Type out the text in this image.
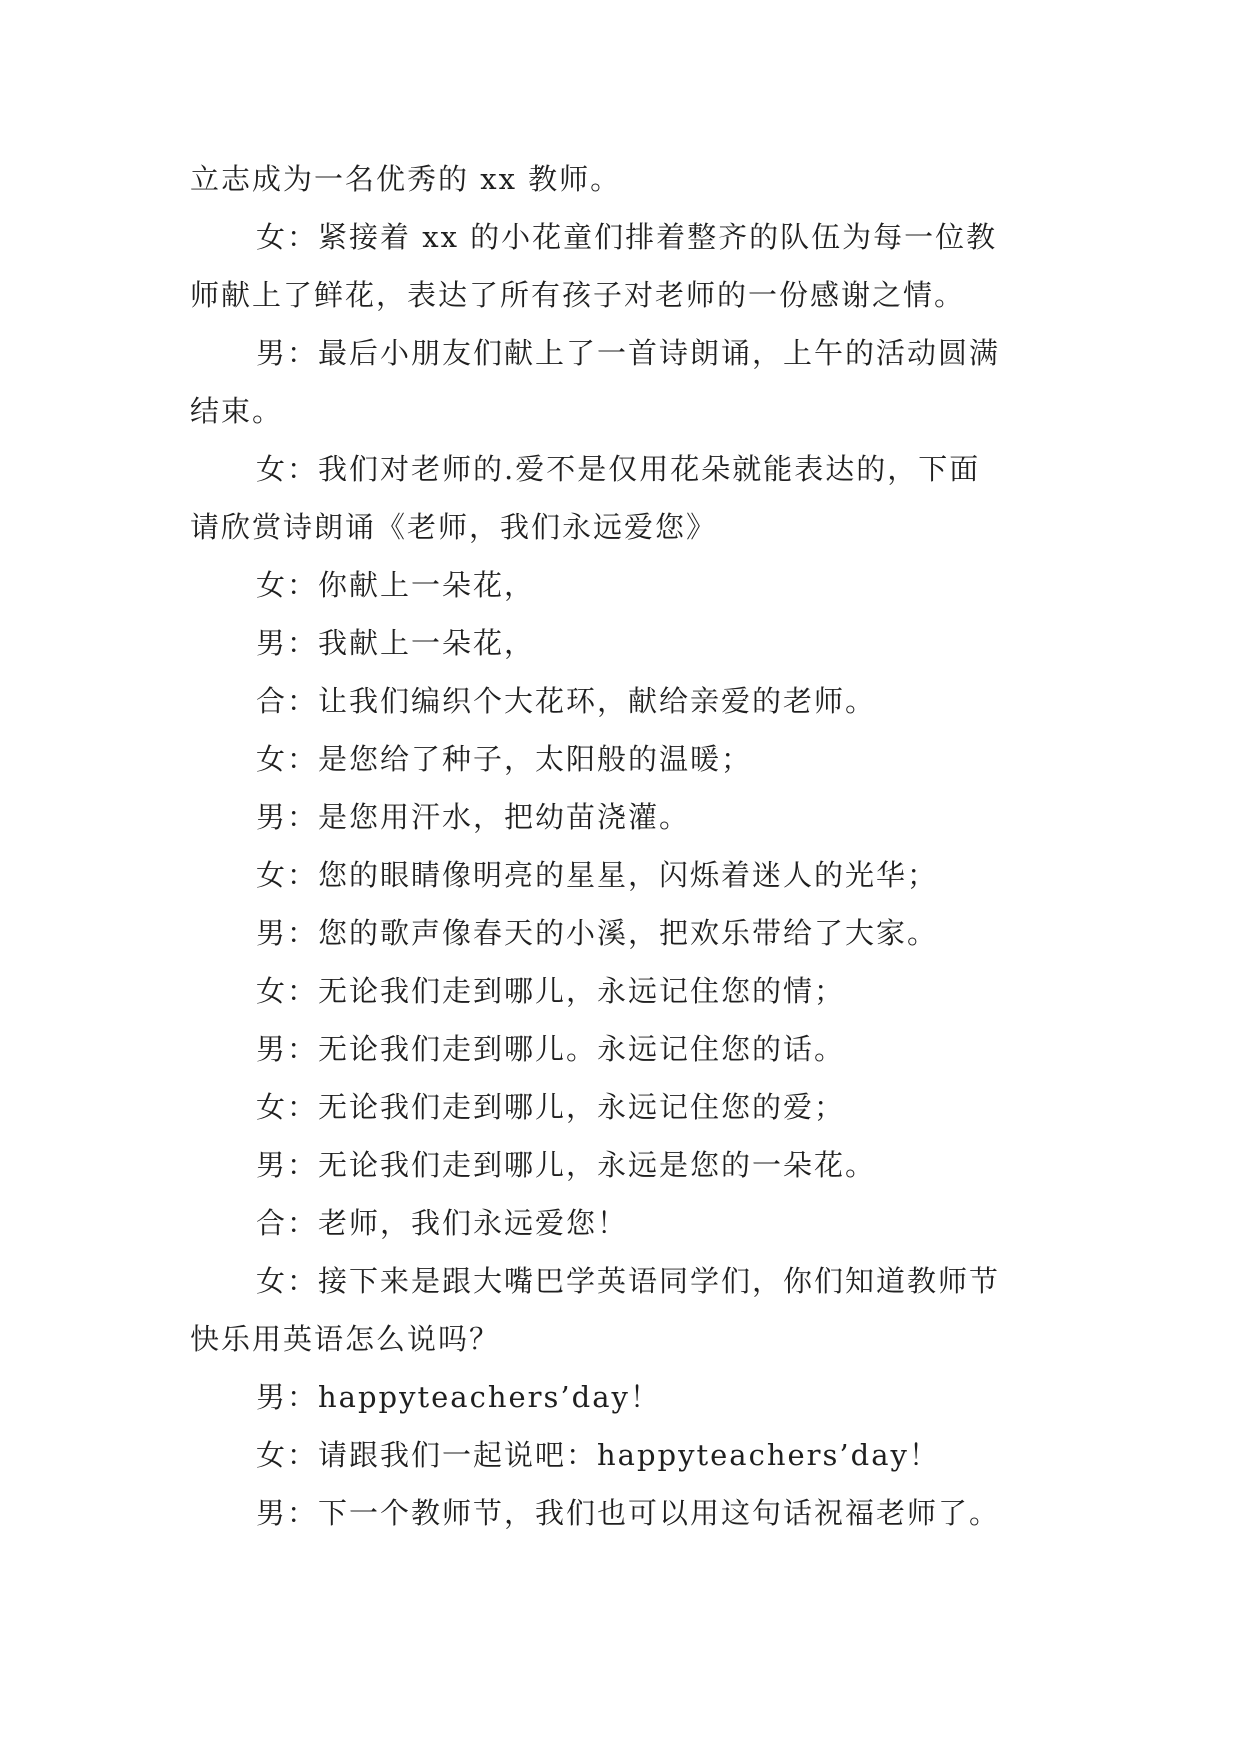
立志成为一名优秀的 xx 教师。
女：紧接着 xx 的小花童们排着整齐的队伍为每一位教
师献上了鲜花，表达了所有孩子对老师的一份感谢之情。
男：最后小朋友们献上了一首诗朗诵，上午的活动圆满
结束。
女：我们对老师的.爱不是仅用花朵就能表达的，下面
请欣赏诗朗诵《老师，我们永远爱您》
女：你献上一朵花，
男：我献上一朵花，
合：让我们编织个大花环，献给亲爱的老师。
女：是您给了种子，太阳般的温暖；
男：是您用汗水，把幼苗浇灌。
女：您的眼睛像明亮的星星，闪烁着迷人的光华；
男：您的歌声像春天的小溪，把欢乐带给了大家。
女：无论我们走到哪儿，永远记住您的情；
男：无论我们走到哪儿。永远记住您的话。
女：无论我们走到哪儿，永远记住您的爱；
男：无论我们走到哪儿，永远是您的一朵花。
合：老师，我们永远爱您！
女：接下来是跟大嘴巴学英语同学们，你们知道教师节
快乐用英语怎么说吗？
男：happyteachers’day！
女：请跟我们一起说吧：happyteachers’day！
男：下一个教师节，我们也可以用这句话祝福老师了。
